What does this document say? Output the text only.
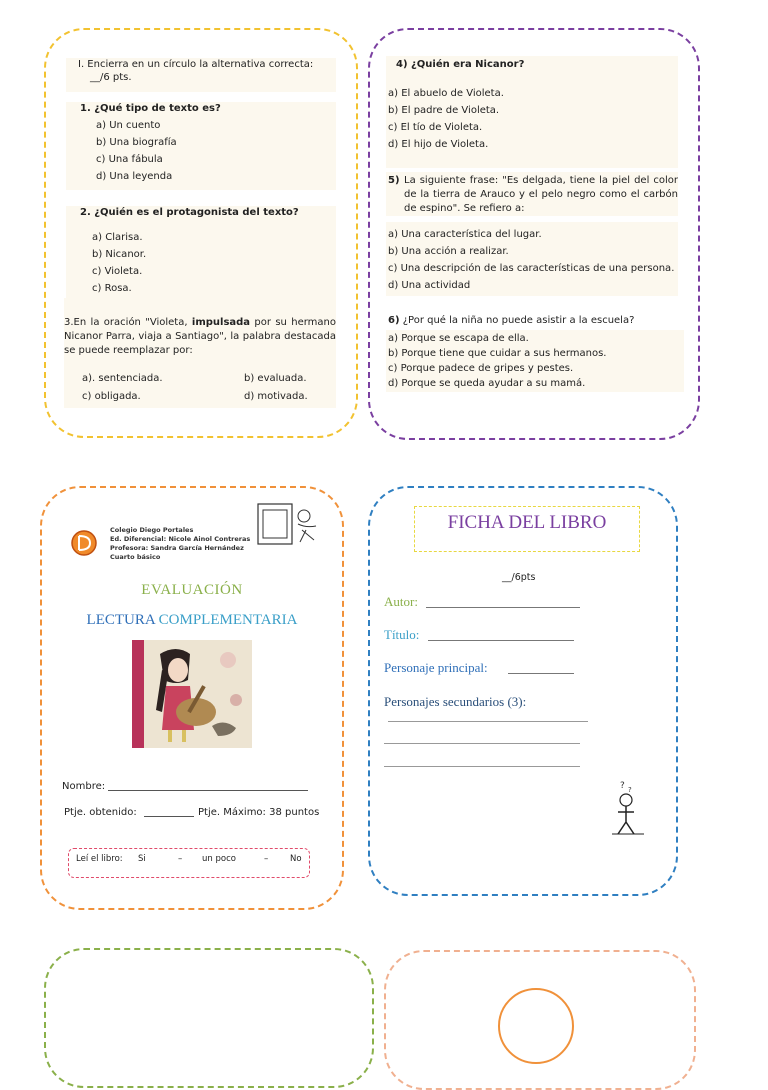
I. Encierra en un círculo la alternativa correcta:
__/6 pts.
1. ¿Qué tipo de texto es?
a) Un cuento
b) Una biografía
c) Una fábula
d) Una leyenda
2. ¿Quién es el protagonista del texto?
a) Clarisa.
b) Nicanor.
c) Violeta.
c) Rosa.
3.En la oración "Violeta, impulsada por su hermano Nicanor Parra, viaja a Santiago", la palabra destacada se puede reemplazar por:
a). sentenciada.	b) evaluada.
c) obligada.	d) motivada.
4) ¿Quién era Nicanor?
a) El abuelo de Violeta.
b) El padre de Violeta.
c) El tío de Violeta.
d) El hijo de Violeta.
5) La siguiente frase: "Es delgada, tiene la piel del color de la tierra de Arauco y el pelo negro como el carbón de espino". Se refiero a:
a) Una característica del lugar.
b) Una acción a realizar.
c) Una descripción de las características de una persona.
d) Una actividad
6) ¿Por qué la niña no puede asistir a la escuela?
a) Porque se escapa de ella.
b) Porque tiene que cuidar a sus hermanos.
c) Porque padece de gripes y pestes.
d) Porque se queda ayudar a su mamá.
Colegio Diego Portales
Ed. Diferencial: Nicole Ainol Contreras
Profesora: Sandra García Hernández
Cuarto básico
EVALUACIÓN
LECTURA COMPLEMENTARIA
Nombre:
Ptje. obtenido:	Ptje. Máximo: 38 puntos
Leí el libro: Si	– un poco	–	No
FICHA DEL LIBRO
__/6pts
Autor:
Título:
Personaje principal:
Personajes secundarios (3):
? ?
